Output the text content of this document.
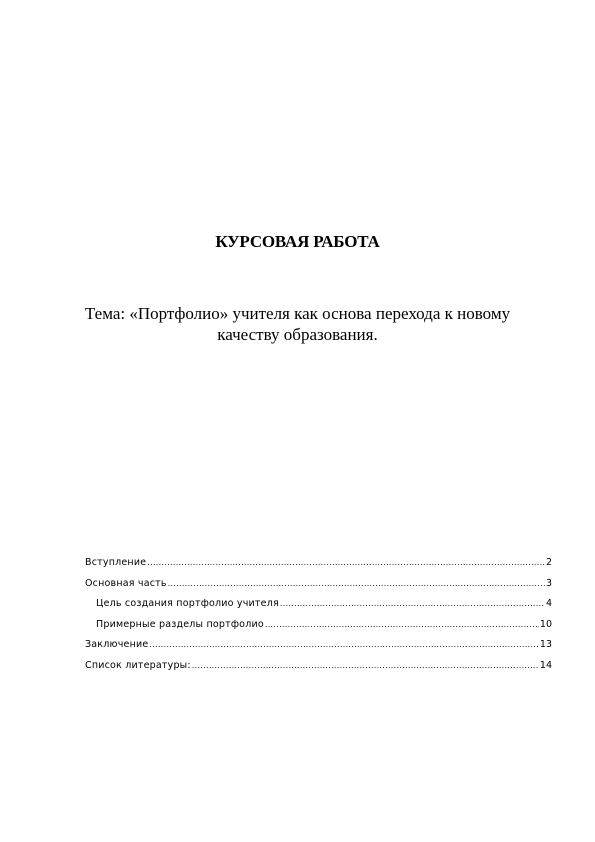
КУРСОВАЯ РАБОТА
Тема: «Портфолио» учителя как основа перехода к новому
качеству образования.
Вступление .....	2
Основная часть .....	3
Цель создания портфолио учителя .....	4
Примерные разделы портфолио .....	10
Заключение .....	13
Список литературы: .....	14
